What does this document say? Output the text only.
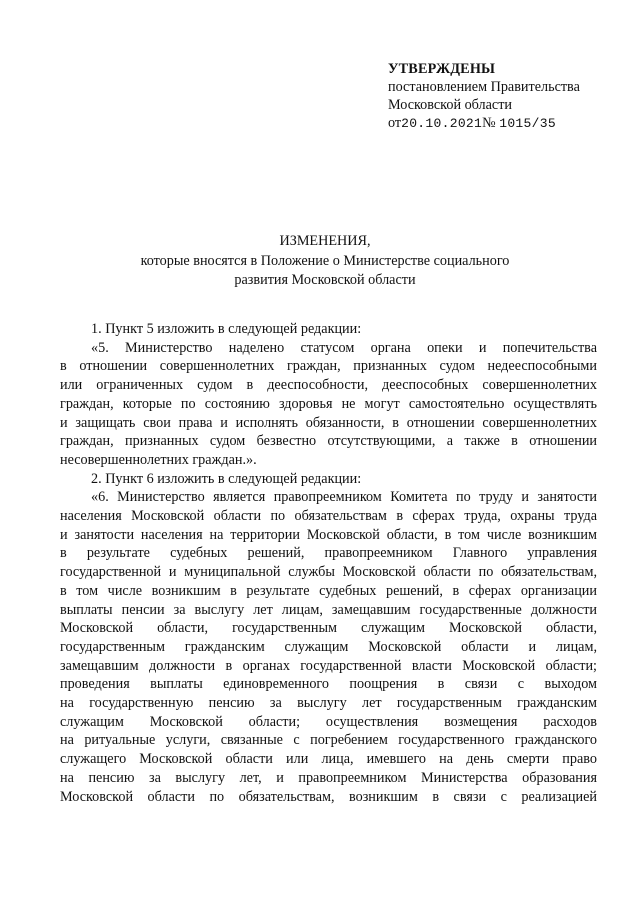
УТВЕРЖДЕНЫ
постановлением Правительства
Московской области
от20.10.2021№ 1015/35
ИЗМЕНЕНИЯ,
которые вносятся в Положение о Министерстве социального
развития Московской области
1. Пункт 5 изложить в следующей редакции:
«5. Министерство наделено статусом органа опеки и попечительства
в отношении совершеннолетних граждан, признанных судом недееспособными
или ограниченных судом в дееспособности, дееспособных совершеннолетних
граждан, которые по состоянию здоровья не могут самостоятельно осуществлять
и защищать свои права и исполнять обязанности, в отношении совершеннолетних
граждан, признанных судом безвестно отсутствующими, а также в отношении
несовершеннолетних граждан.».
2. Пункт 6 изложить в следующей редакции:
«6. Министерство является правопреемником Комитета по труду и занятости
населения Московской области по обязательствам в сферах труда, охраны труда
и занятости населения на территории Московской области, в том числе возникшим
в результате судебных решений, правопреемником Главного управления
государственной и муниципальной службы Московской области по обязательствам,
в том числе возникшим в результате судебных решений, в сферах организации
выплаты пенсии за выслугу лет лицам, замещавшим государственные должности
Московской области, государственным служащим Московской области,
государственным гражданским служащим Московской области и лицам,
замещавшим должности в органах государственной власти Московской области;
проведения выплаты единовременного поощрения в связи с выходом
на государственную пенсию за выслугу лет государственным гражданским
служащим Московской области; осуществления возмещения расходов
на ритуальные услуги, связанные с погребением государственного гражданского
служащего Московской области или лица, имевшего на день смерти право
на пенсию за выслугу лет, и правопреемником Министерства образования
Московской области по обязательствам, возникшим в связи с реализацией
